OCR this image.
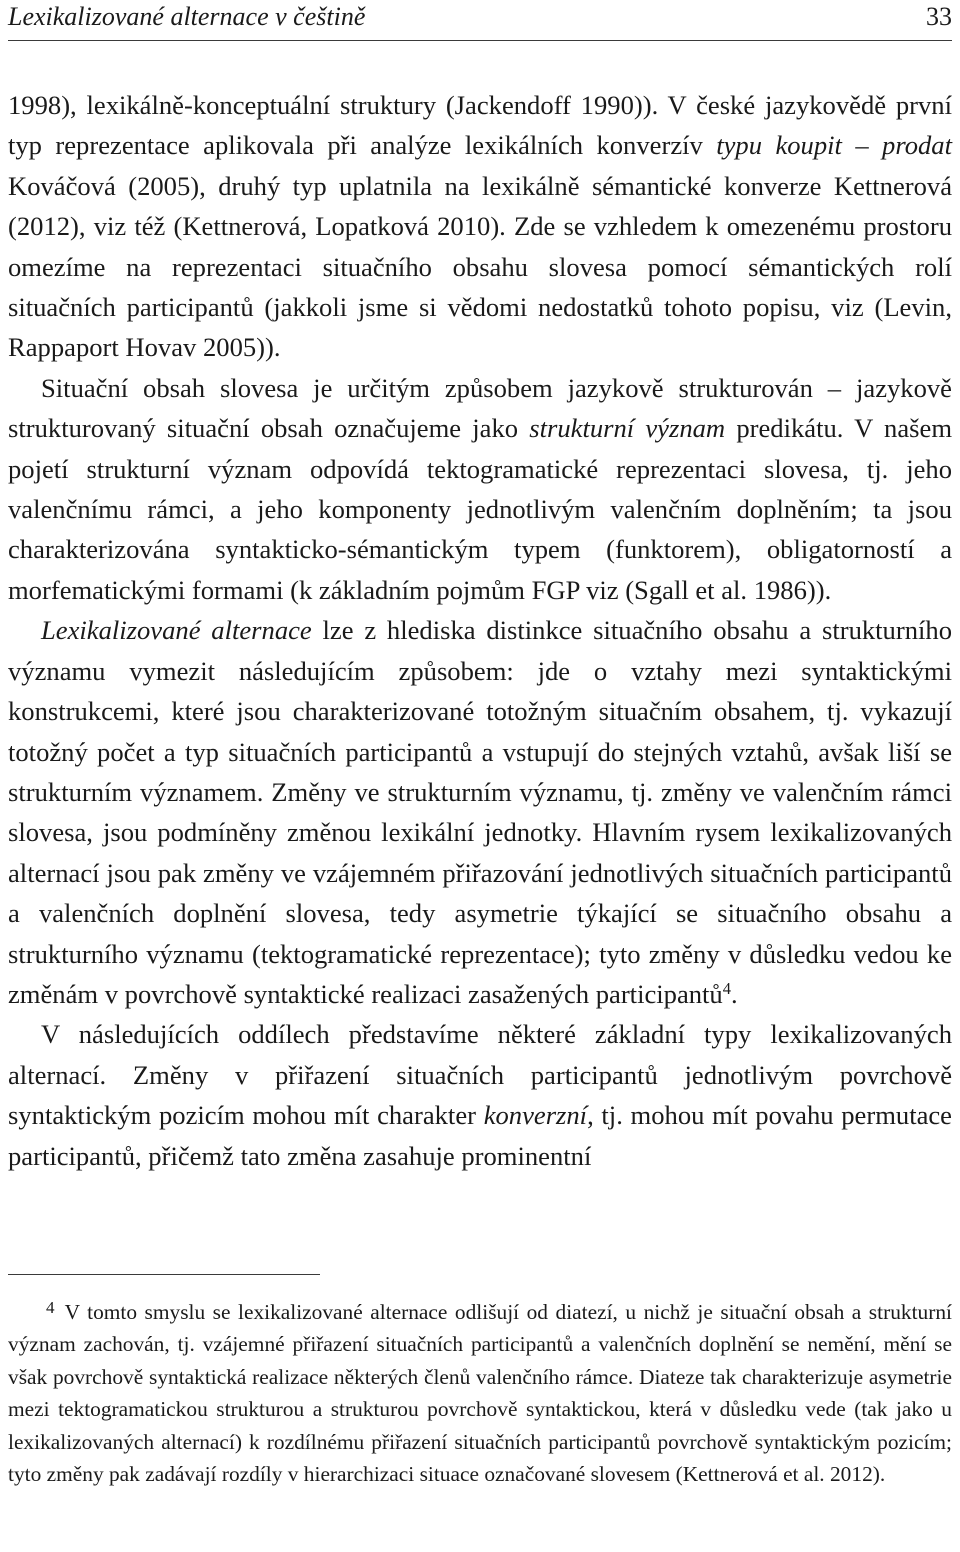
Lexikalizované alternace v češtině	33

1998), lexikálně-konceptuální struktury (Jackendoff 1990)). V české jazykovědě první typ reprezentace aplikovala při analýze lexikálních konverzív typu koupit – prodat Kováčová (2005), druhý typ uplatnila na lexikálně sémantické konverze Kettnerová (2012), viz též (Kettnerová, Lopatková 2010). Zde se vzhledem k omezenému prostoru omezíme na reprezentaci situačního obsahu slovesa pomocí sémantických rolí situačních participantů (jakkoli jsme si vědomi nedostatků tohoto popisu, viz (Levin, Rappaport Hovav 2005)).

Situační obsah slovesa je určitým způsobem jazykově strukturován – jazykově strukturovaný situační obsah označujeme jako strukturní význam predikátu. V našem pojetí strukturní význam odpovídá tektogramatické reprezentaci slovesa, tj. jeho valenčnímu rámci, a jeho komponenty jednotlivým valenčním doplněním; ta jsou charakterizována syntakticko-sémantickým typem (funktorem), obligatorností a morfematickými formami (k základním pojmům FGP viz (Sgall et al. 1986)).

Lexikalizované alternace lze z hlediska distinkce situačního obsahu a strukturního významu vymezit následujícím způsobem: jde o vztahy mezi syntaktickými konstrukcemi, které jsou charakterizované totožným situačním obsahem, tj. vykazují totožný počet a typ situačních participantů a vstupují do stejných vztahů, avšak liší se strukturním významem. Změny ve strukturním významu, tj. změny ve valenčním rámci slovesa, jsou podmíněny změnou lexikální jednotky. Hlavním rysem lexikalizovaných alternací jsou pak změny ve vzájemném přiřazování jednotlivých situačních participantů a valenčních doplnění slovesa, tedy asymetrie týkající se situačního obsahu a strukturního významu (tektogramatické reprezentace); tyto změny v důsledku vedou ke změnám v povrchově syntaktické realizaci zasažených participantů$^4$.

V následujících oddílech představíme některé základní typy lexikalizovaných alternací. Změny v přiřazení situačních participantů jednotlivým povrchově syntaktickým pozicím mohou mít charakter konverzní, tj. mohou mít povahu permutace participantů, přičemž tato změna zasahuje prominentní

$^4$ V tomto smyslu se lexikalizované alternace odlišují od diatezí, u nichž je situační obsah a strukturní význam zachován, tj. vzájemné přiřazení situačních participantů a valenčních doplnění se nemění, mění se však povrchově syntaktická realizace některých členů valenčního rámce. Diateze tak charakterizuje asymetrie mezi tektogramatickou strukturou a strukturou povrchově syntaktickou, která v důsledku vede (tak jako u lexikalizovaných alternací) k rozdílnému přiřazení situačních participantů povrchově syntaktickým pozicím; tyto změny pak zadávají rozdíly v hierarchizaci situace označované slovesem (Kettnerová et al. 2012).
